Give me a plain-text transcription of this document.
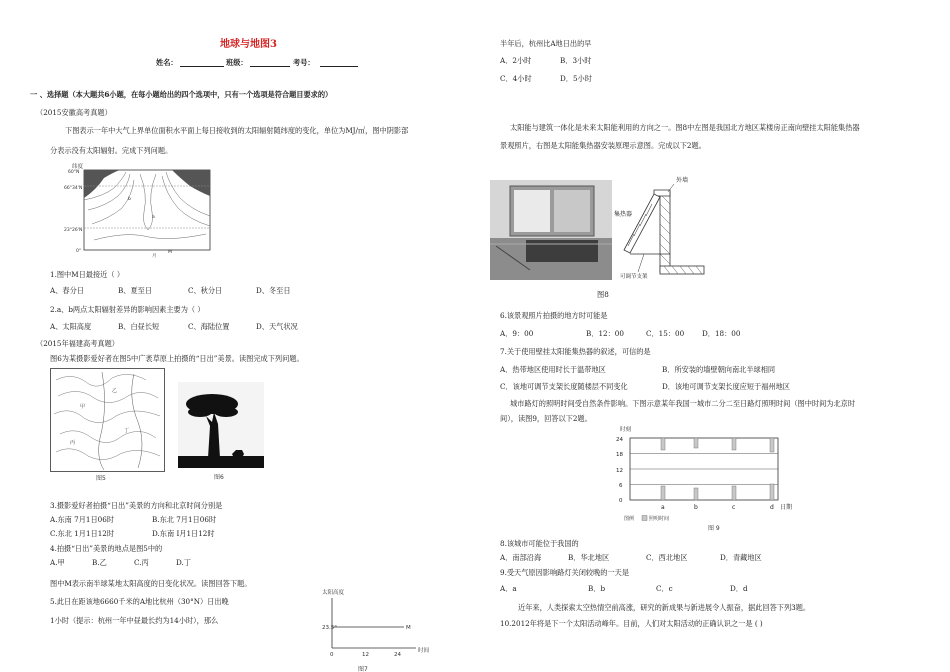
地球与地图3
姓名：	班级：	考号：
一 、选择题（本大题共6小题，在每小题给出的四个选项中，只有一个选项是符合题目要求的）
（2015安徽高考真题）
下图表示一年中大气上界单位面积水平面上每日接收到的太阳辐射随纬度的变化，单位为MJ/㎡，图中阴影部
分表示没有太阳辐射。完成下列问题。
纬度
60°N
66°34'N
23°26'N
0°	M
b
a
月
1.图中M日最接近（ ）
A、春分日	B、夏至日	C、秋分日	D、冬至日
2.a、b两点太阳辐射差异的影响因素主要为（ ）
A、太阳高度	B、白昼长短	C、海陆位置	D、天气状况
（2015年福建高考真题）
图6为某摄影爱好者在图5中广袤草原上拍摄的“日出”美景。读图完成下列问题。
甲
乙
丙
丁
图5	图6
3.摄影爱好者拍摄“日出”美景的方向和北京时间分别是
A.东南 7月1日06时	B.东北 7月1日06时
C.东北 1月1日12时	D.东南 I月1日12时
4.拍摄“日出”美景的地点是图5中的
A.甲	B.乙	C.丙	D.丁
图中M表示南半球某地太阳高度的日变化状况。读图回答下题。
5.此日在距该地6660千米的A地比杭州（30°N）日出晚
1小时（提示：杭州一年中昼最长约为14小时），那么
太阳高度
23.5°	M
0	12	24
时间
图7
半年后，杭州比A地日出的早
A．2小时	B．3小时
C．4小时	D．5小时
太阳能与建筑一体化是未来太阳能利用的方向之一。图8中左图是我国北方地区某楼房正南向壁挂太阳能集热器
景观照片，右图是太阳能集热器安装原理示意图。完成以下2题。
外墙
集热器
可调节支架
图8
6.该景观照片拍摄的地方时可能是
A．9：00	B．12：00	C．15：00 D．18：00
7.关于使用壁挂太阳能集热器的叙述，可信的是
A．热带地区使用时长于温带地区	B．所安装的墙壁朝向南北半球相同
C．该地可调节支架长度随楼层不同变化	D．该地可调节支架长度应短于福州地区
城市路灯的照明时间受自然条件影响。下图示意某年我国一城市二分二至日路灯照明时间（图中时间为北京时
间），读图9，回答以下2题。
时刻
24
18
12
6
0
a	b	c	d 日期
图例	照明时间
图 9
8.该城市可能位于我国的
A．南部沿海	B．华北地区	C．西北地区	D．青藏地区
9.受天气原因影响路灯关闭较晚的一天是
A．a	B．b	C．c	D．d
近年来，人类探索太空热情空前高涨，研究的新成果与新进展令人振奋，据此回答下列3题。
10.2012年将是下一个太阳活动峰年。目前，人们对太阳活动的正确认识之一是 ( )
